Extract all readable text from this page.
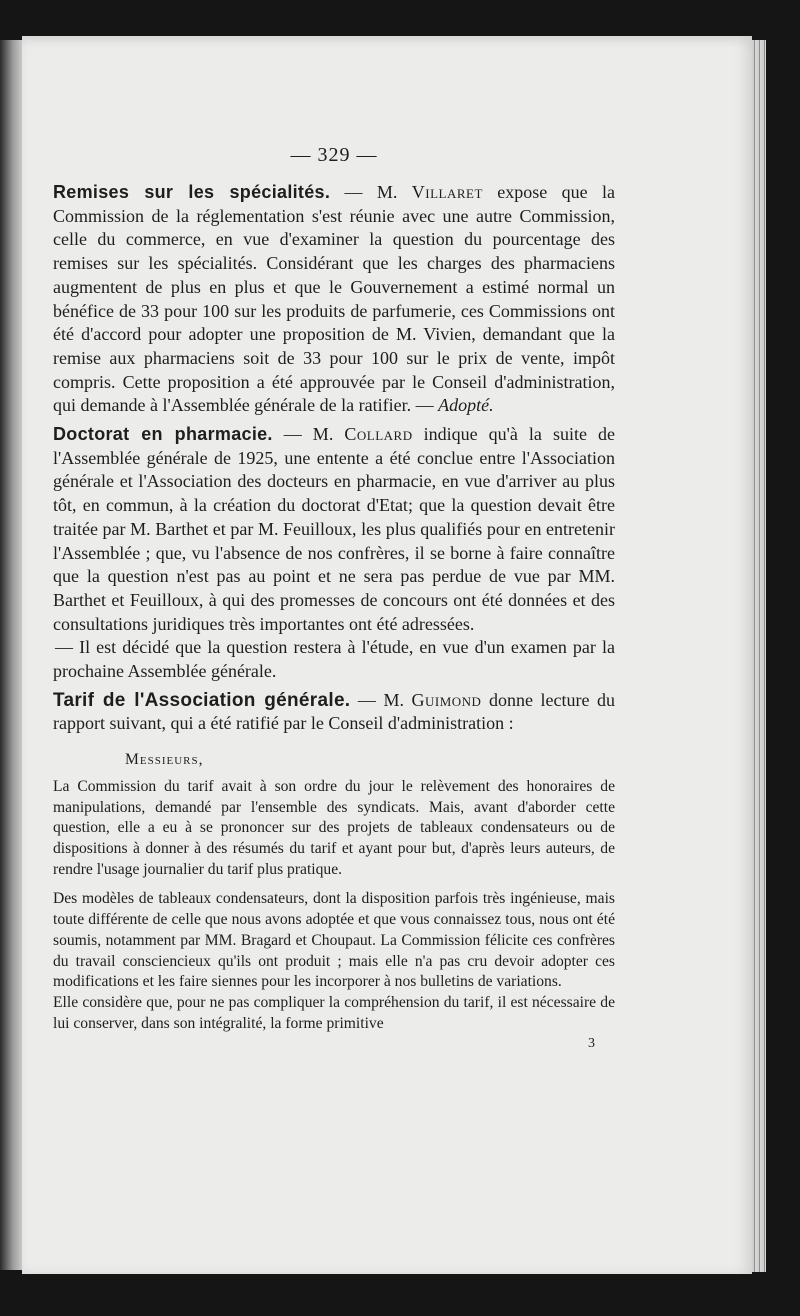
— 329 —

Remises sur les spécialités. — M. Villaret expose que la Commission de la réglementation s'est réunie avec une autre Commission, celle du commerce, en vue d'examiner la question du pourcentage des remises sur les spécialités. Considérant que les charges des pharmaciens augmentent de plus en plus et que le Gouvernement a estimé normal un bénéfice de 33 pour 100 sur les produits de parfumerie, ces Commissions ont été d'accord pour adopter une proposition de M. Vivien, demandant que la remise aux pharmaciens soit de 33 pour 100 sur le prix de vente, impôt compris. Cette proposition a été approuvée par le Conseil d'administration, qui demande à l'Assemblée générale de la ratifier. — Adopté.

Doctorat en pharmacie. — M. Collard indique qu'à la suite de l'Assemblée générale de 1925, une entente a été conclue entre l'Association générale et l'Association des docteurs en pharmacie, en vue d'arriver au plus tôt, en commun, à la création du doctorat d'Etat; que la question devait être traitée par M. Barthet et par M. Feuilloux, les plus qualifiés pour en entretenir l'Assemblée ; que, vu l'absence de nos confrères, il se borne à faire connaître que la question n'est pas au point et ne sera pas perdue de vue par MM. Barthet et Feuilloux, à qui des promesses de concours ont été données et des consultations juridiques très importantes ont été adressées.

— Il est décidé que la question restera à l'étude, en vue d'un examen par la prochaine Assemblée générale.

Tarif de l'Association générale. — M. Guimond donne lecture du rapport suivant, qui a été ratifié par le Conseil d'administration :

Messieurs,

La Commission du tarif avait à son ordre du jour le relèvement des honoraires de manipulations, demandé par l'ensemble des syndicats. Mais, avant d'aborder cette question, elle a eu à se prononcer sur des projets de tableaux condensateurs ou de dispositions à donner à des résumés du tarif et ayant pour but, d'après leurs auteurs, de rendre l'usage journalier du tarif plus pratique.

Des modèles de tableaux condensateurs, dont la disposition parfois très ingénieuse, mais toute différente de celle que nous avons adoptée et que vous connaissez tous, nous ont été soumis, notamment par MM. Bragard et Choupaut. La Commission félicite ces confrères du travail consciencieux qu'ils ont produit ; mais elle n'a pas cru devoir adopter ces modifications et les faire siennes pour les incorporer à nos bulletins de variations.

Elle considère que, pour ne pas compliquer la compréhension du tarif, il est nécessaire de lui conserver, dans son intégralité, la forme primitive

3
